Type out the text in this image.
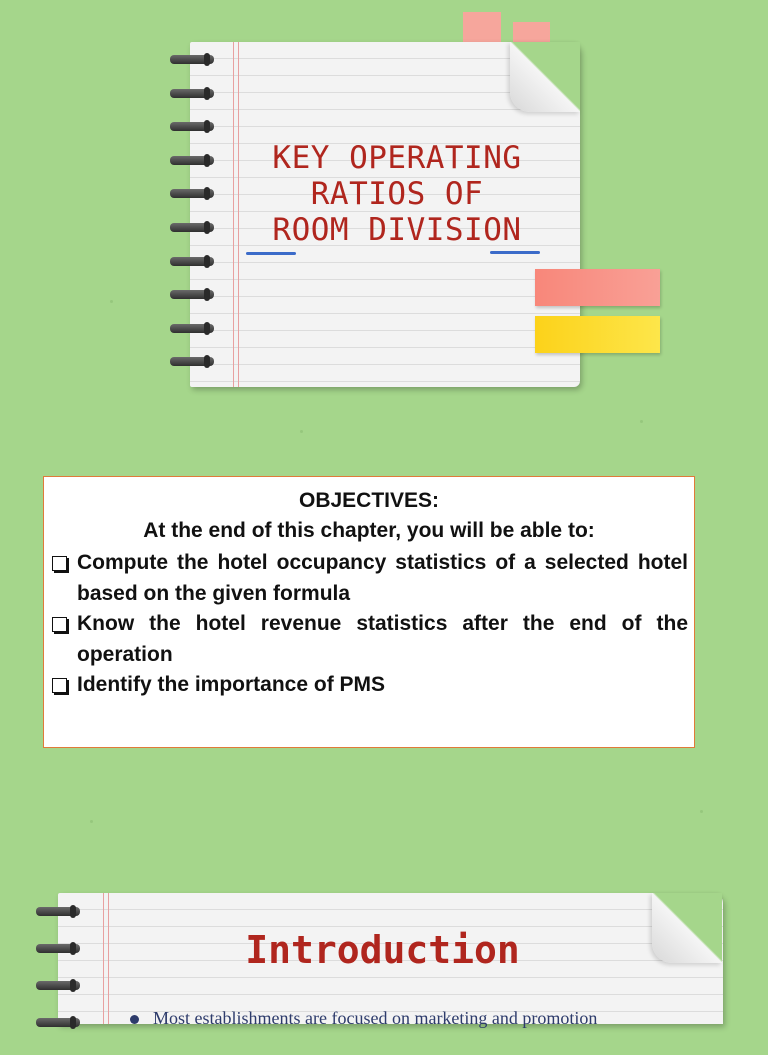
KEY OPERATING
RATIOS OF
ROOM DIVISION
OBJECTIVES:
At the end of this chapter, you will be able to:
Compute the hotel occupancy statistics of a selected hotel based on the given formula
Know the hotel revenue statistics after the end of the operation
Identify the importance of PMS
Introduction
Most establishments are focused on marketing and promotion
